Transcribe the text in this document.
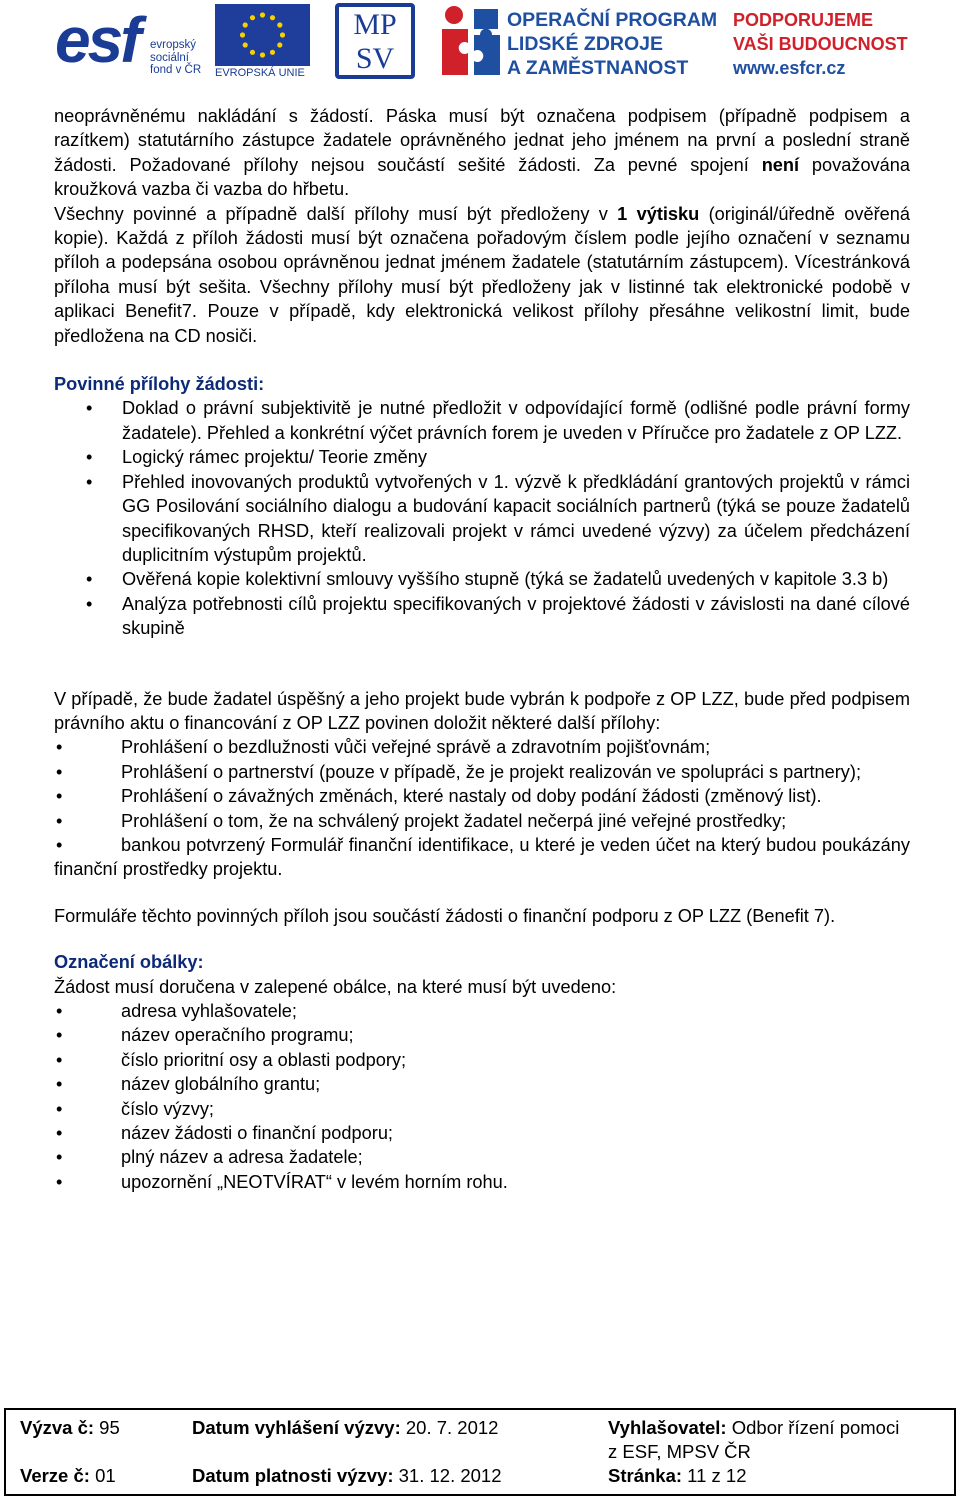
esf evropský
sociální
fond v ČR	EVROPSKÁ UNIE
MP
SV
OPERAČNÍ PROGRAM
LIDSKÉ ZDROJE
A ZAMĚSTNANOST
PODPORUJEME
VAŠI BUDOUCNOST
www.esfcr.cz

neoprávněnému nakládání s žádostí. Páska musí být označena podpisem (případně podpisem a razítkem) statutárního zástupce žadatele oprávněného jednat jeho jménem na první a poslední straně žádosti. Požadované přílohy nejsou součástí sešité žádosti. Za pevné spojení není považována kroužková vazba či vazba do hřbetu.

Všechny povinné a případně další přílohy musí být předloženy v 1 výtisku (originál/úředně ověřená kopie). Každá z příloh žádosti musí být označena pořadovým číslem podle jejího označení v seznamu příloh a podepsána osobou oprávněnou jednat jménem žadatele (statutárním zástupcem). Vícestránková příloha musí být sešita. Všechny přílohy musí být předloženy jak v listinné tak elektronické podobě v aplikaci Benefit7. Pouze v případě, kdy elektronická velikost přílohy přesáhne velikostní limit, bude předložena na CD nosiči.

Povinné přílohy žádosti:

• Doklad o právní subjektivitě je nutné předložit v odpovídající formě (odlišné podle právní formy žadatele). Přehled a konkrétní výčet právních forem je uveden v Příručce pro žadatele z OP LZZ.
• Logický rámec projektu/ Teorie změny
• Přehled inovovaných produktů vytvořených v 1. výzvě k předkládání grantových projektů v rámci GG Posilování sociálního dialogu a budování kapacit sociálních partnerů (týká se pouze žadatelů specifikovaných RHSD, kteří realizovali projekt v rámci uvedené výzvy) za účelem předcházení duplicitním výstupům projektů.
• Ověřená kopie kolektivní smlouvy vyššího stupně (týká se žadatelů uvedených v kapitole 3.3 b)
• Analýza potřebnosti cílů projektu specifikovaných v projektové žádosti v závislosti na dané cílové skupině

V případě, že bude žadatel úspěšný a jeho projekt bude vybrán k podpoře z OP LZZ, bude před podpisem právního aktu o financování z OP LZZ povinen doložit některé další přílohy:

• Prohlášení o bezdlužnosti vůči veřejné správě a zdravotním pojišťovnám;
• Prohlášení o partnerství (pouze v případě, že je projekt realizován ve spolupráci s partnery);
• Prohlášení o závažných změnách, které nastaly od doby podání žádosti (změnový list).
• Prohlášení o tom, že na schválený projekt žadatel nečerpá jiné veřejné prostředky;
• bankou potvrzený Formulář finanční identifikace, u které je veden účet na který budou poukázány finanční prostředky projektu.

Formuláře těchto povinných příloh jsou součástí žádosti o finanční podporu z OP LZZ (Benefit 7).

Označení obálky:

Žádost musí doručena v zalepené obálce, na které musí být uvedeno:

• adresa vyhlašovatele;
• název operačního programu;
• číslo prioritní osy a oblasti podpory;
• název globálního grantu;
• číslo výzvy;
• název žádosti o finanční podporu;
• plný název a adresa žadatele;
• upozornění „NEOTVÍRAT“ v levém horním rohu.
Výzva č: 95
Verze č: 01
Datum vyhlášení výzvy: 20. 7. 2012
Datum platnosti výzvy: 31. 12. 2012
Vyhlašovatel: Odbor řízení pomoci
z ESF, MPSV ČR
Stránka: 11 z 12
